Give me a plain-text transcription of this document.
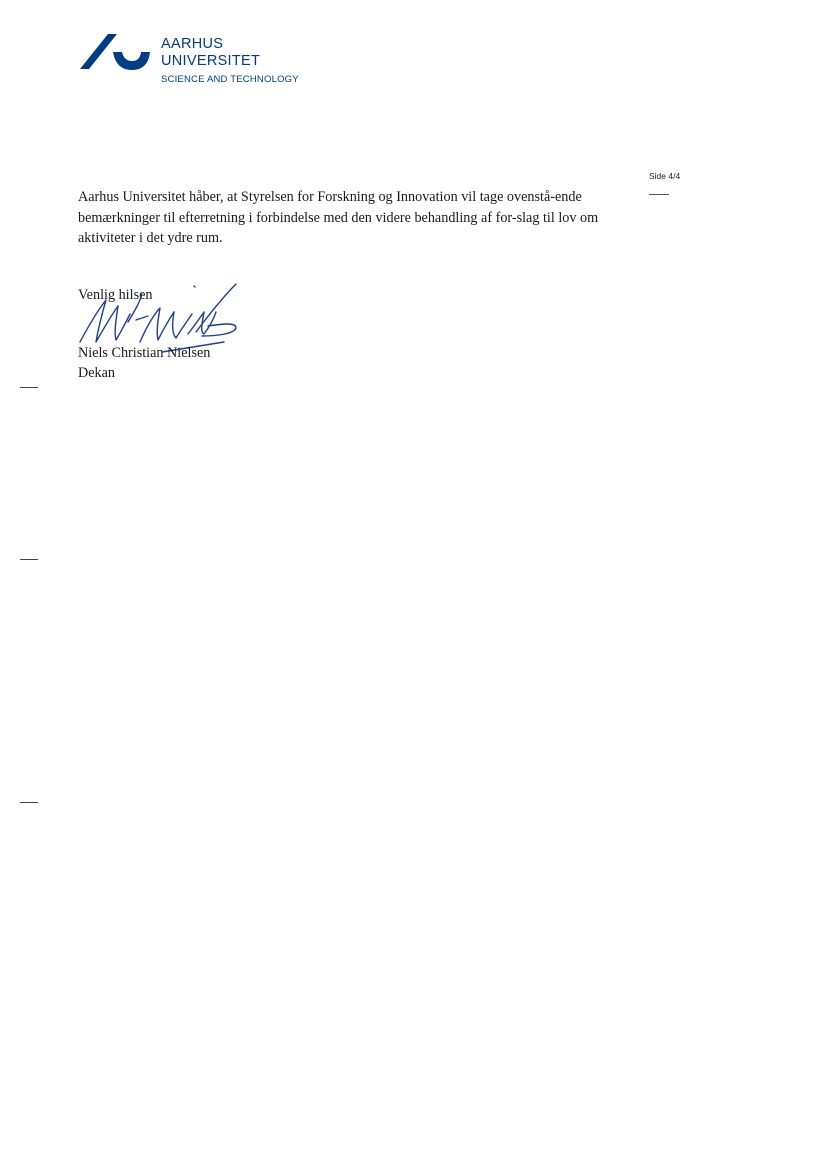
AARHUS
UNIVERSITET
SCIENCE AND TECHNOLOGY
Side 4/4
Aarhus Universitet håber, at Styrelsen for Forskning og Innovation vil tage ovenstå-ende bemærkninger til efterretning i forbindelse med den videre behandling af for-slag til lov om aktiviteter i det ydre rum.
Venlig hilsen
Niels Christian Nielsen
Dekan
